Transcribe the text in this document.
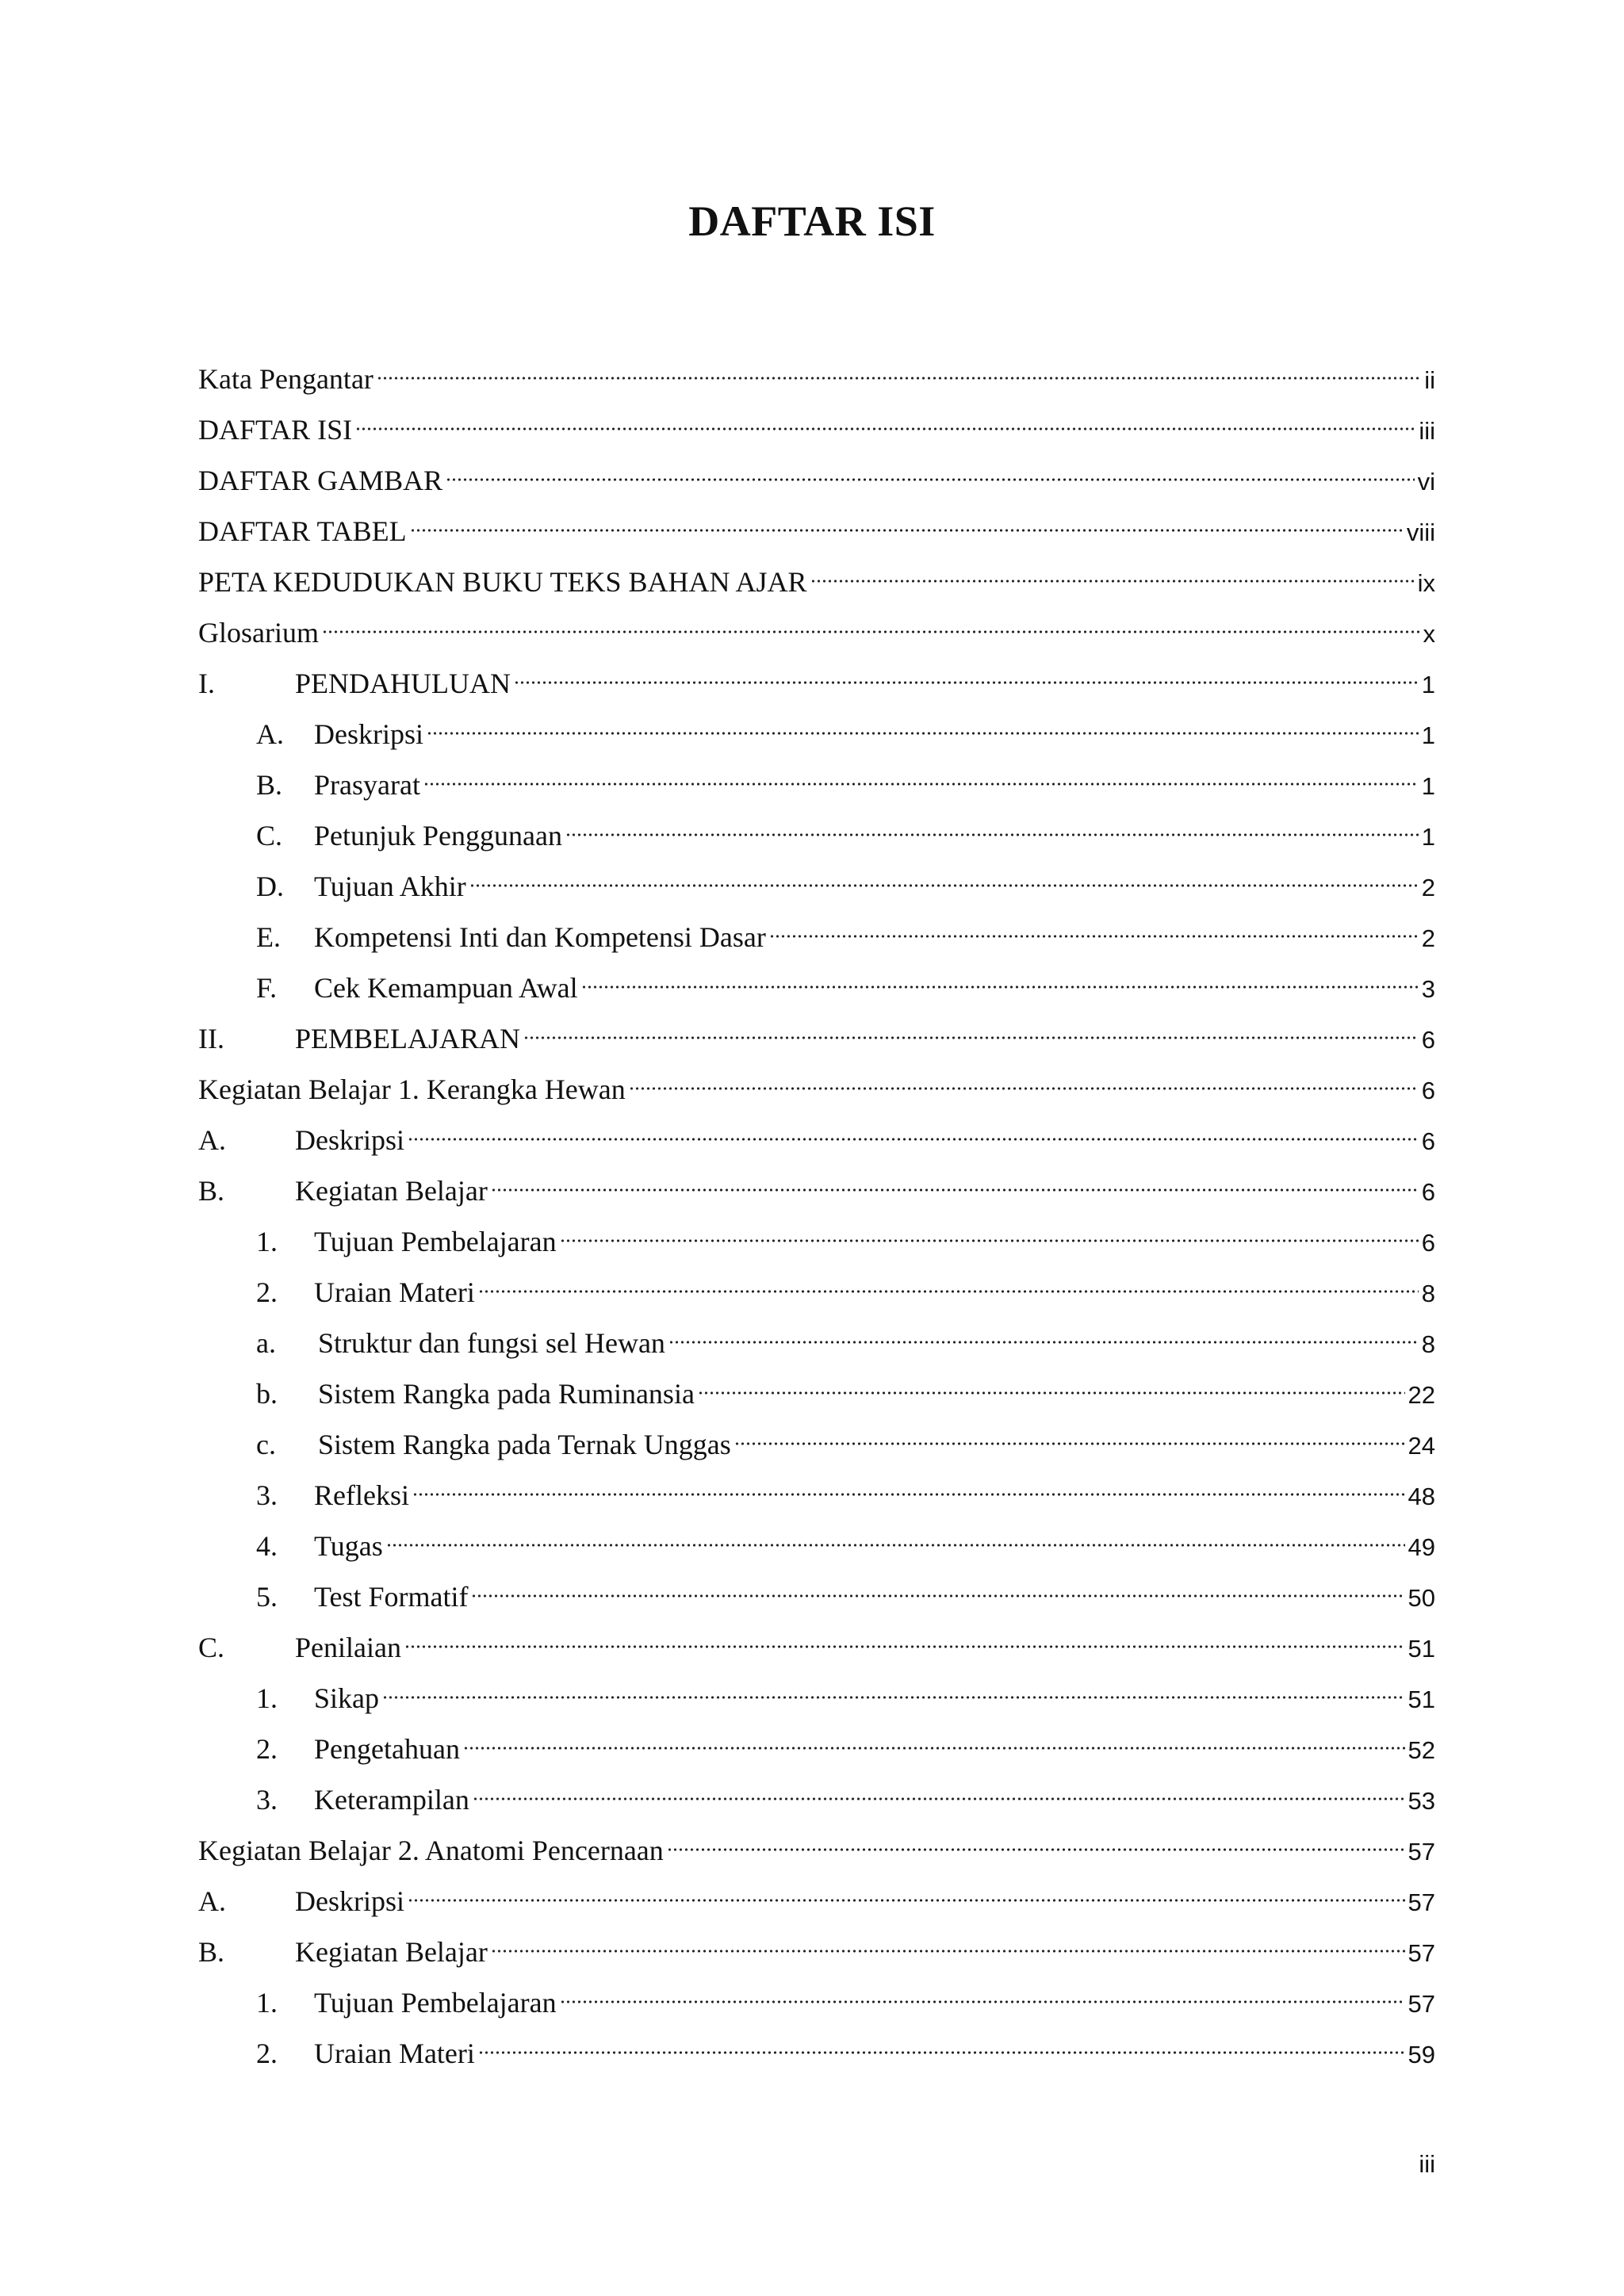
DAFTAR ISI
Kata Pengantar	ii
DAFTAR ISI	iii
DAFTAR GAMBAR	vi
DAFTAR TABEL	viii
PETA KEDUDUKAN BUKU TEKS BAHAN AJAR	ix
Glosarium	x
I.	PENDAHULUAN	1
A.	Deskripsi	1
B.	Prasyarat	1
C.	Petunjuk Penggunaan	1
D.	Tujuan Akhir	2
E.	Kompetensi Inti dan Kompetensi Dasar	2
F.	Cek Kemampuan Awal	3
II.	PEMBELAJARAN	6
Kegiatan Belajar 1. Kerangka Hewan	6
A.	Deskripsi	6
B.	Kegiatan Belajar	6
1.	Tujuan Pembelajaran	6
2.	Uraian Materi	8
a.	Struktur dan fungsi sel Hewan	8
b.	Sistem Rangka pada Ruminansia	22
c.	Sistem Rangka pada Ternak Unggas	24
3.	Refleksi	48
4.	Tugas	49
5.	Test Formatif	50
C.	Penilaian	51
1.	Sikap	51
2.	Pengetahuan	52
3.	Keterampilan	53
Kegiatan Belajar 2. Anatomi Pencernaan	57
A.	Deskripsi	57
B.	Kegiatan Belajar	57
1.	Tujuan Pembelajaran	57
2.	Uraian Materi	59

iii
